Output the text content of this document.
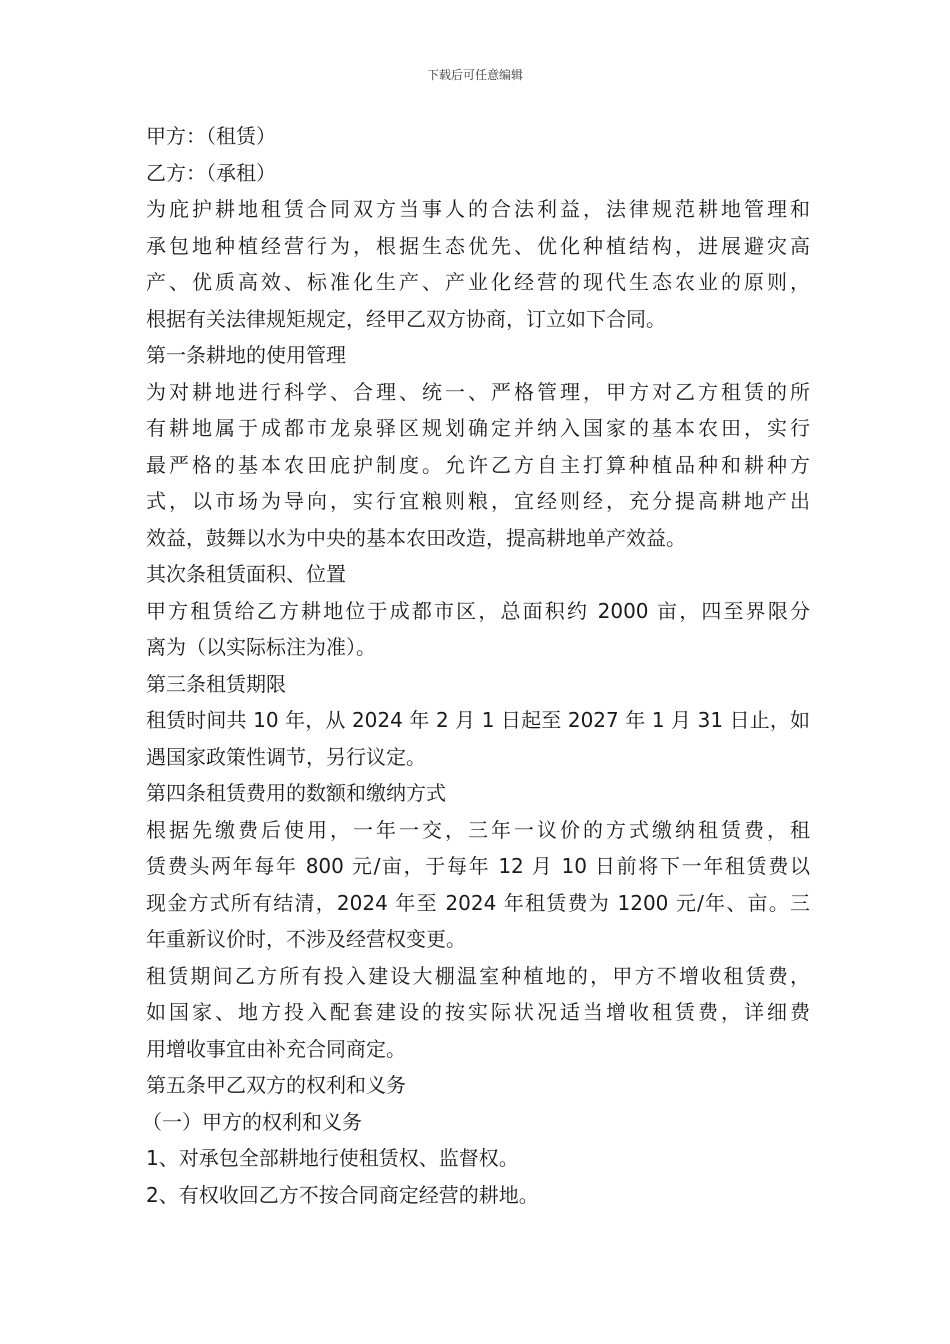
下载后可任意编辑
甲方：（租赁）
乙方：（承租）
为庇护耕地租赁合同双方当事人的合法利益，法律规范耕地管理和
承包地种植经营行为，根据生态优先、优化种植结构，进展避灾高
产、优质高效、标准化生产、产业化经营的现代生态农业的原则，
根据有关法律规矩规定，经甲乙双方协商，订立如下合同。
第一条耕地的使用管理
为对耕地进行科学、合理、统一、严格管理，甲方对乙方租赁的所
有耕地属于成都市龙泉驿区规划确定并纳入国家的基本农田，实行
最严格的基本农田庇护制度。允许乙方自主打算种植品种和耕种方
式，以市场为导向，实行宜粮则粮，宜经则经，充分提高耕地产出
效益，鼓舞以水为中央的基本农田改造，提高耕地单产效益。
其次条租赁面积、位置
甲方租赁给乙方耕地位于成都市区，总面积约 2000 亩，四至界限分
离为（以实际标注为准）。
第三条租赁期限
租赁时间共 10 年，从 2024 年 2 月 1 日起至 2027 年 1 月 31 日止，如
遇国家政策性调节，另行议定。
第四条租赁费用的数额和缴纳方式
根据先缴费后使用，一年一交，三年一议价的方式缴纳租赁费，租
赁费头两年每年 800 元/亩，于每年 12 月 10 日前将下一年租赁费以
现金方式所有结清，2024 年至 2024 年租赁费为 1200 元/年、亩。三
年重新议价时，不涉及经营权变更。
租赁期间乙方所有投入建设大棚温室种植地的，甲方不增收租赁费，
如国家、地方投入配套建设的按实际状况适当增收租赁费，详细费
用增收事宜由补充合同商定。
第五条甲乙双方的权利和义务
（一）甲方的权利和义务
1、对承包全部耕地行使租赁权、监督权。
2、有权收回乙方不按合同商定经营的耕地。
